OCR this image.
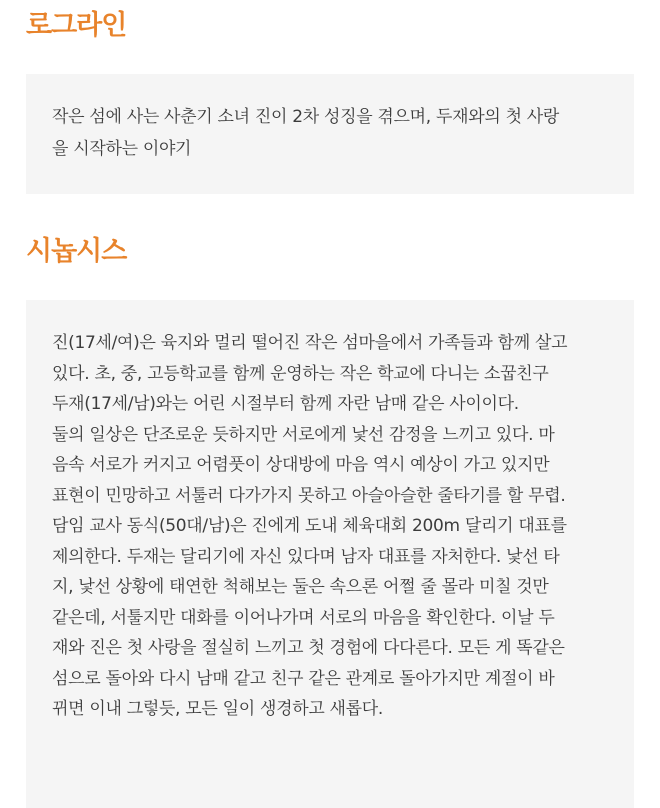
로그라인

작은 섬에 사는 사춘기 소녀 진이 2차 성징을 겪으며, 두재와의 첫 사랑
을 시작하는 이야기

시놉시스

진(17세/여)은 육지와 멀리 떨어진 작은 섬마을에서 가족들과 함께 살고
있다. 초, 중, 고등학교를 함께 운영하는 작은 학교에 다니는 소꿉친구
두재(17세/남)와는 어린 시절부터 함께 자란 남매 같은 사이이다.
둘의 일상은 단조로운 듯하지만 서로에게 낯선 감정을 느끼고 있다. 마
음속 서로가 커지고 어렴풋이 상대방에 마음 역시 예상이 가고 있지만
표현이 민망하고 서툴러 다가가지 못하고 아슬아슬한 줄타기를 할 무렵.
담임 교사 동식(50대/남)은 진에게 도내 체육대회 200m 달리기 대표를
제의한다. 두재는 달리기에 자신 있다며 남자 대표를 자처한다. 낯선 타
지, 낯선 상황에 태연한 척해보는 둘은 속으론 어쩔 줄 몰라 미칠 것만
같은데, 서툴지만 대화를 이어나가며 서로의 마음을 확인한다. 이날 두
재와 진은 첫 사랑을 절실히 느끼고 첫 경험에 다다른다. 모든 게 똑같은
섬으로 돌아와 다시 남매 같고 친구 같은 관계로 돌아가지만 계절이 바
뀌면 이내 그렇듯, 모든 일이 생경하고 새롭다.
